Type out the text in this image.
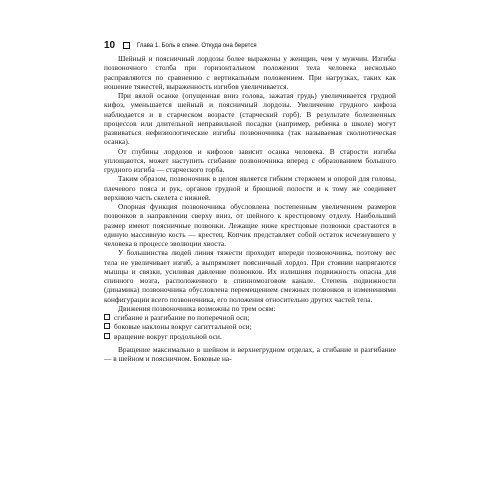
10	Глава 1. Боль в спине. Откуда она берется

Шейный и поясничный лордозы более выражены у женщин, чем у мужчин. Изгибы позвоночного столба при горизонтальном положении тела человека несколько расправляются по сравнению с вертикальным положением. При нагрузках, таких как ношение тяжестей, выраженность изгибов увеличивается.

При вялой осанке (опущенная вниз голова, зажатая грудь) увеличивается грудной кифоз, уменьшается шейный и поясничный лордозы. Увеличение грудного кифоза наблюдается и в старческом возрасте (старческий горб). В результате болезненных процессов или длительной неправильной посадки (например, ребенка в школе) могут развиваться нефизиологические изгибы позвоночника (так называемая сколиотическая осанка).

От глубины лордозов и кифозов зависит осанка человека. В старости изгибы уплощаются, может наступить сгибание позвоночника вперед с образованием большого грудного изгиба — старческого горба.

Таким образом, позвоночник в целом является гибким стержнем и опорой для головы, плечевого пояса и рук, органов грудной и брюшной полости и к тому же соединяет верхнюю часть скелета с нижней.

Опорная функция позвоночника обусловлена постепенным увеличением размеров позвонков в направлении сверху вниз, от шейного к крестцовому отделу. Наибольший размер имеют поясничные позвонки. Лежащие ниже крестцовые позвонки срастаются в единую массивную кость — крестец. Копчик представляет собой остаток исчезнувшего у человека в процессе эволюции хвоста.

У большинства людей линия тяжести проходит впереди позвоночника, поэтому вес тела не увеличивает изгиб, а выпрямляет поясничный лордоз. При стоянии напрягаются мышцы и связки, усиливая давление позвонков. Их излишняя подвижность опасна для спинного мозга, расположенного в спинномозговом канале. Степень подвижности (динамика) позвоночника обусловлена перемещением смежных позвонков и изменениями конфигурации всего позвоночника, его положения относительно других частей тела.

Движения позвоночника возможны по трем осям:

сгибание и разгибание по поперечной оси;
боковые наклоны вокруг сагиттальной оси;
вращение вокруг продольной оси.

Вращение максимально в шейном и верхнегрудном отделах, а сгибание и разгибание — в шейном и поясничном. Боковые на-
